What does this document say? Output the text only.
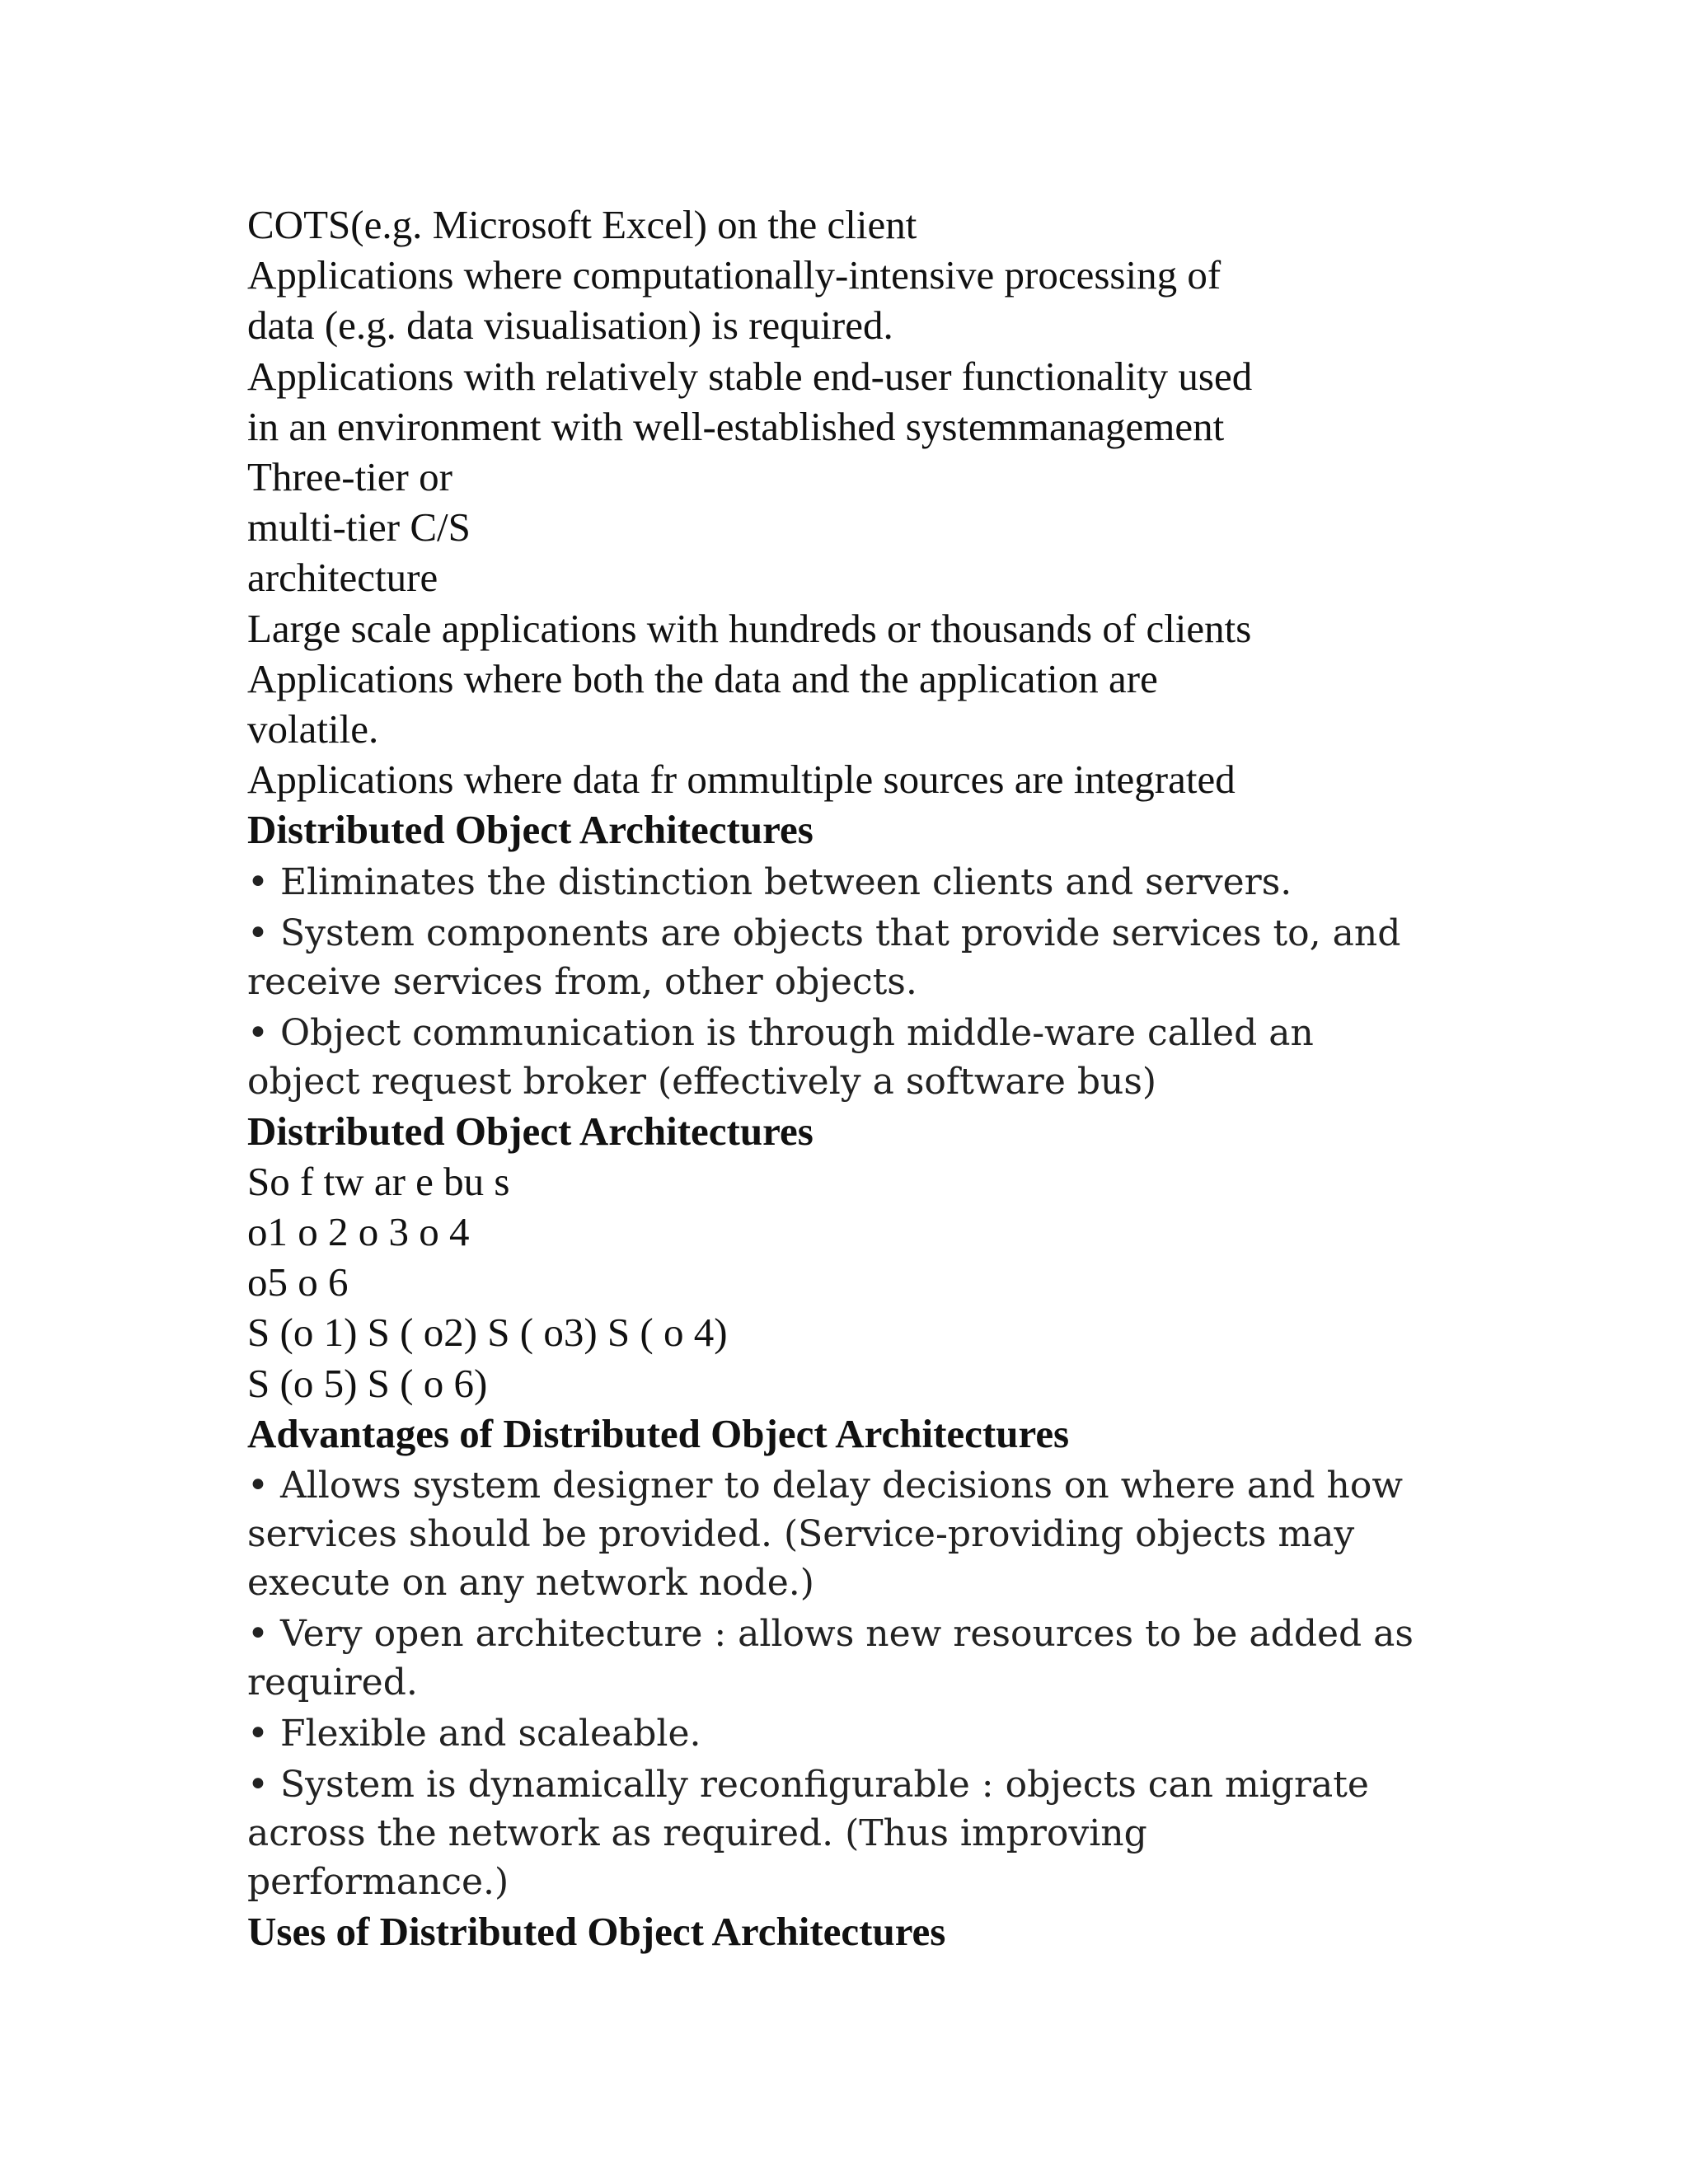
COTS(e.g. Microsoft Excel) on the client
Applications where computationally-intensive processing of
data (e.g. data visualisation) is required.
Applications with relatively stable end-user functionality used
in an environment with well-established systemmanagement
Three-tier or
multi-tier C/S
architecture
Large scale applications with hundreds or thousands of clients
Applications where both the data and the application are
volatile.
Applications where data fr ommultiple sources are integrated
Distributed Object Architectures
• Eliminates the distinction between clients and servers.
• System components are objects that provide services to, and
receive services from, other objects.
• Object communication is through middle-ware called an
object request broker (effectively a software bus)
Distributed Object Architectures
So f tw ar e bu s
o1 o 2 o 3 o 4
o5 o 6
S (o 1) S ( o2) S ( o3) S ( o 4)
S (o 5) S ( o 6)
Advantages of Distributed Object Architectures
• Allows system designer to delay decisions on where and how
services should be provided. (Service-providing objects may
execute on any network node.)
• Very open architecture : allows new resources to be added as
required.
• Flexible and scaleable.
• System is dynamically reconfigurable : objects can migrate
across the network as required. (Thus improving
performance.)
Uses of Distributed Object Architectures
